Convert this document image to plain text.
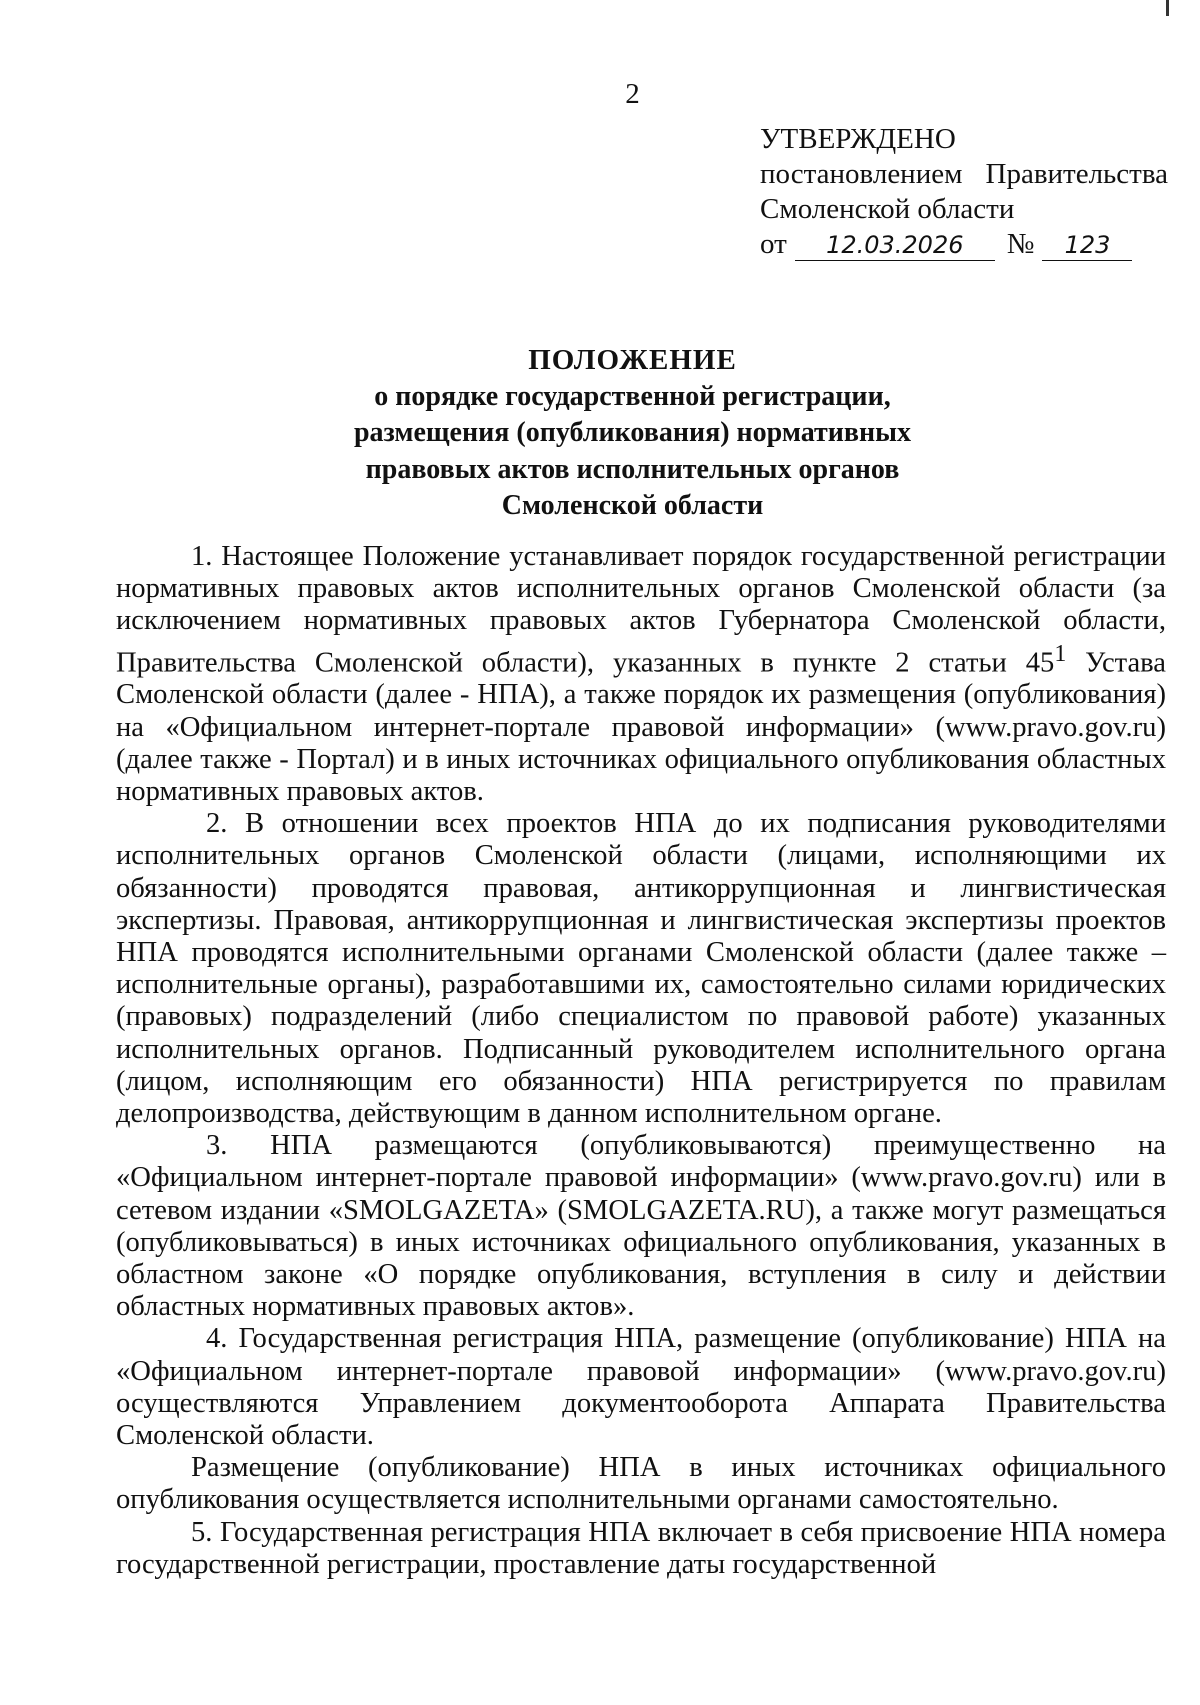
2
УТВЕРЖДЕНО
постановлением Правительства
Смоленской области
от	12.03.2026	№	123
ПОЛОЖЕНИЕ
о порядке государственной регистрации,
размещения (опубликования) нормативных
правовых актов исполнительных органов
Смоленской области

1. Настоящее Положение устанавливает порядок государственной регистрации нормативных правовых актов исполнительных органов Смоленской области (за исключением нормативных правовых актов Губернатора Смоленской области, Правительства Смоленской области), указанных в пункте 2 статьи $45^1$ Устава Смоленской области (далее - НПА), а также порядок их размещения (опубликования) на «Официальном интернет-портале правовой информации» (www.pravo.gov.ru) (далее также - Портал) и в иных источниках официального опубликования областных нормативных правовых актов.

2. В отношении всех проектов НПА до их подписания руководителями исполнительных органов Смоленской области (лицами, исполняющими их обязанности) проводятся правовая, антикоррупционная и лингвистическая экспертизы. Правовая, антикоррупционная и лингвистическая экспертизы проектов НПА проводятся исполнительными органами Смоленской области (далее также – исполнительные органы), разработавшими их, самостоятельно силами юридических (правовых) подразделений (либо специалистом по правовой работе) указанных исполнительных органов. Подписанный руководителем исполнительного органа (лицом, исполняющим его обязанности) НПА регистрируется по правилам делопроизводства, действующим в данном исполнительном органе.

3. НПА размещаются (опубликовываются) преимущественно на «Официальном интернет-портале правовой информации» (www.pravo.gov.ru) или в сетевом издании «SMOLGAZETA» (SMOLGAZETA.RU), а также могут размещаться (опубликовываться) в иных источниках официального опубликования, указанных в областном законе «О порядке опубликования, вступления в силу и действии областных нормативных правовых актов».

4. Государственная регистрация НПА, размещение (опубликование) НПА на «Официальном интернет-портале правовой информации» (www.pravo.gov.ru) осуществляются Управлением документооборота Аппарата Правительства Смоленской области.

Размещение (опубликование) НПА в иных источниках официального опубликования осуществляется исполнительными органами самостоятельно.

5. Государственная регистрация НПА включает в себя присвоение НПА номера государственной регистрации, проставление даты государственной
